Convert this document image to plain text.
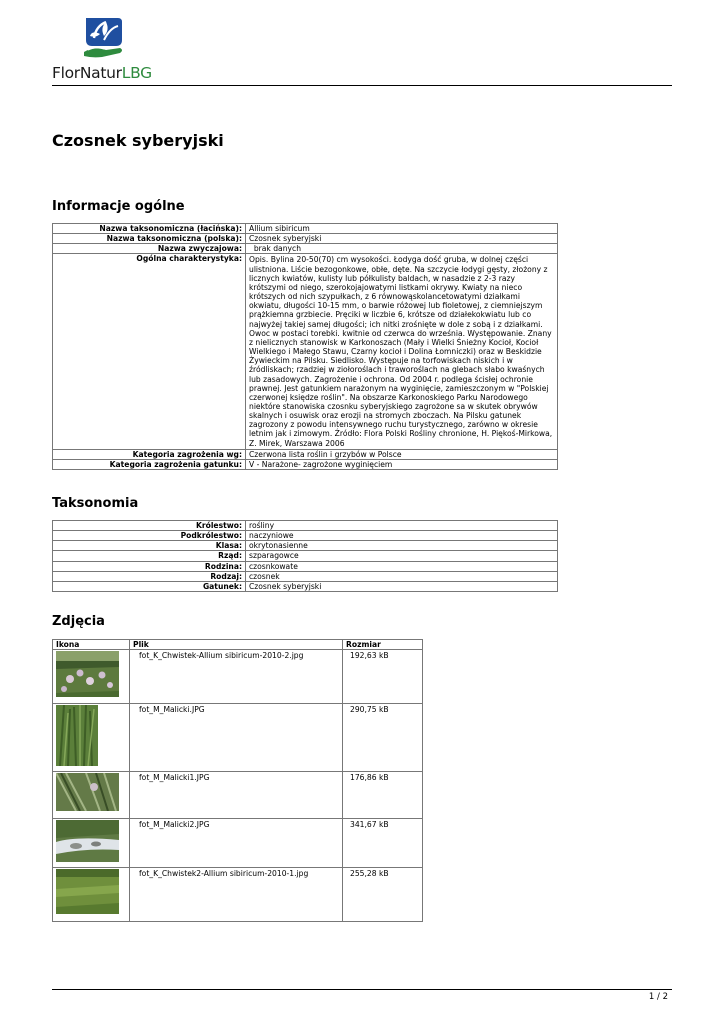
FlorNaturLBG
Czosnek syberyjski
Informacje ogólne
Nazwa taksonomiczna (łacińska):	Allium sibiricum
Nazwa taksonomiczna (polska):	Czosnek syberyjski
Nazwa zwyczajowa:	brak danych
Ogólna charakterystyka:	Opis. Bylina 20-50(70) cm wysokości. Łodyga dość gruba, w dolnej części ulistniona. Liście bezogonkowe, obłe, dęte. Na szczycie łodygi gęsty, złożony z licznych kwiatów, kulisty lub półkulisty baldach, w nasadzie z 2-3 razy krótszymi od niego, szerokojajowatymi listkami okrywy. Kwiaty na nieco krótszych od nich szypułkach, z 6 równowąskolancetowatymi działkami okwiatu, długości 10-15 mm, o barwie różowej lub fioletowej, z ciemniejszym prążkiemna grzbiecie. Pręciki w liczbie 6, krótsze od działekokwiatu lub co najwyżej takiej samej długości; ich nitki zrośnięte w dole z sobą i z działkami. Owoc w postaci torebki. kwitnie od czerwca do września. Występowanie. Znany z nielicznych stanowisk w Karkonoszach (Mały i Wielki Śnieżny Kocioł, Kocioł Wielkiego i Małego Stawu, Czarny kocioł i Dolina Łomniczki) oraz w Beskidzie Żywieckim na Pilsku. Siedlisko. Występuje na torfowiskach niskich i w źródliskach; rzadziej w ziołoroślach i traworoślach na glebach słabo kwaśnych lub zasadowych. Zagrożenie i ochrona. Od 2004 r. podlega ścisłej ochronie prawnej. Jest gatunkiem narażonym na wyginięcie, zamieszczonym w "Polskiej czerwonej księdze roślin". Na obszarze Karkonoskiego Parku Narodowego niektóre stanowiska czosnku syberyjskiego zagrożone sa w skutek obrywów skalnych i osuwisk oraz erozji na stromych zboczach. Na Pilsku gatunek zagrozony z powodu intensywnego ruchu turystycznego, zarówno w okresie letnim jak i zimowym. Źródło: Flora Polski Rośliny chronione, H. Piękoś-Mirkowa, Z. Mirek, Warszawa 2006
Kategoria zagrożenia wg:	Czerwona lista roślin i grzybów w Polsce
Kategoria zagrożenia gatunku:	V - Narażone- zagrożone wyginięciem
Taksonomia
Królestwo:	rośliny
Podkrólestwo:	naczyniowe
Klasa:	okrytonasienne
Rząd:	szparagowce
Rodzina:	czosnkowate
Rodzaj:	czosnek
Gatunek:	Czosnek syberyjski
Zdjęcia
Ikona	Plik	Rozmiar

	fot_K_Chwistek-Allium sibiricum-2010-2.jpg	192,63 kB

	fot_M_Malicki.JPG	290,75 kB

	fot_M_Malicki1.JPG	176,86 kB

	fot_M_Malicki2.JPG	341,67 kB

	fot_K_Chwistek2-Allium sibiricum-2010-1.jpg	255,28 kB
1 / 2
